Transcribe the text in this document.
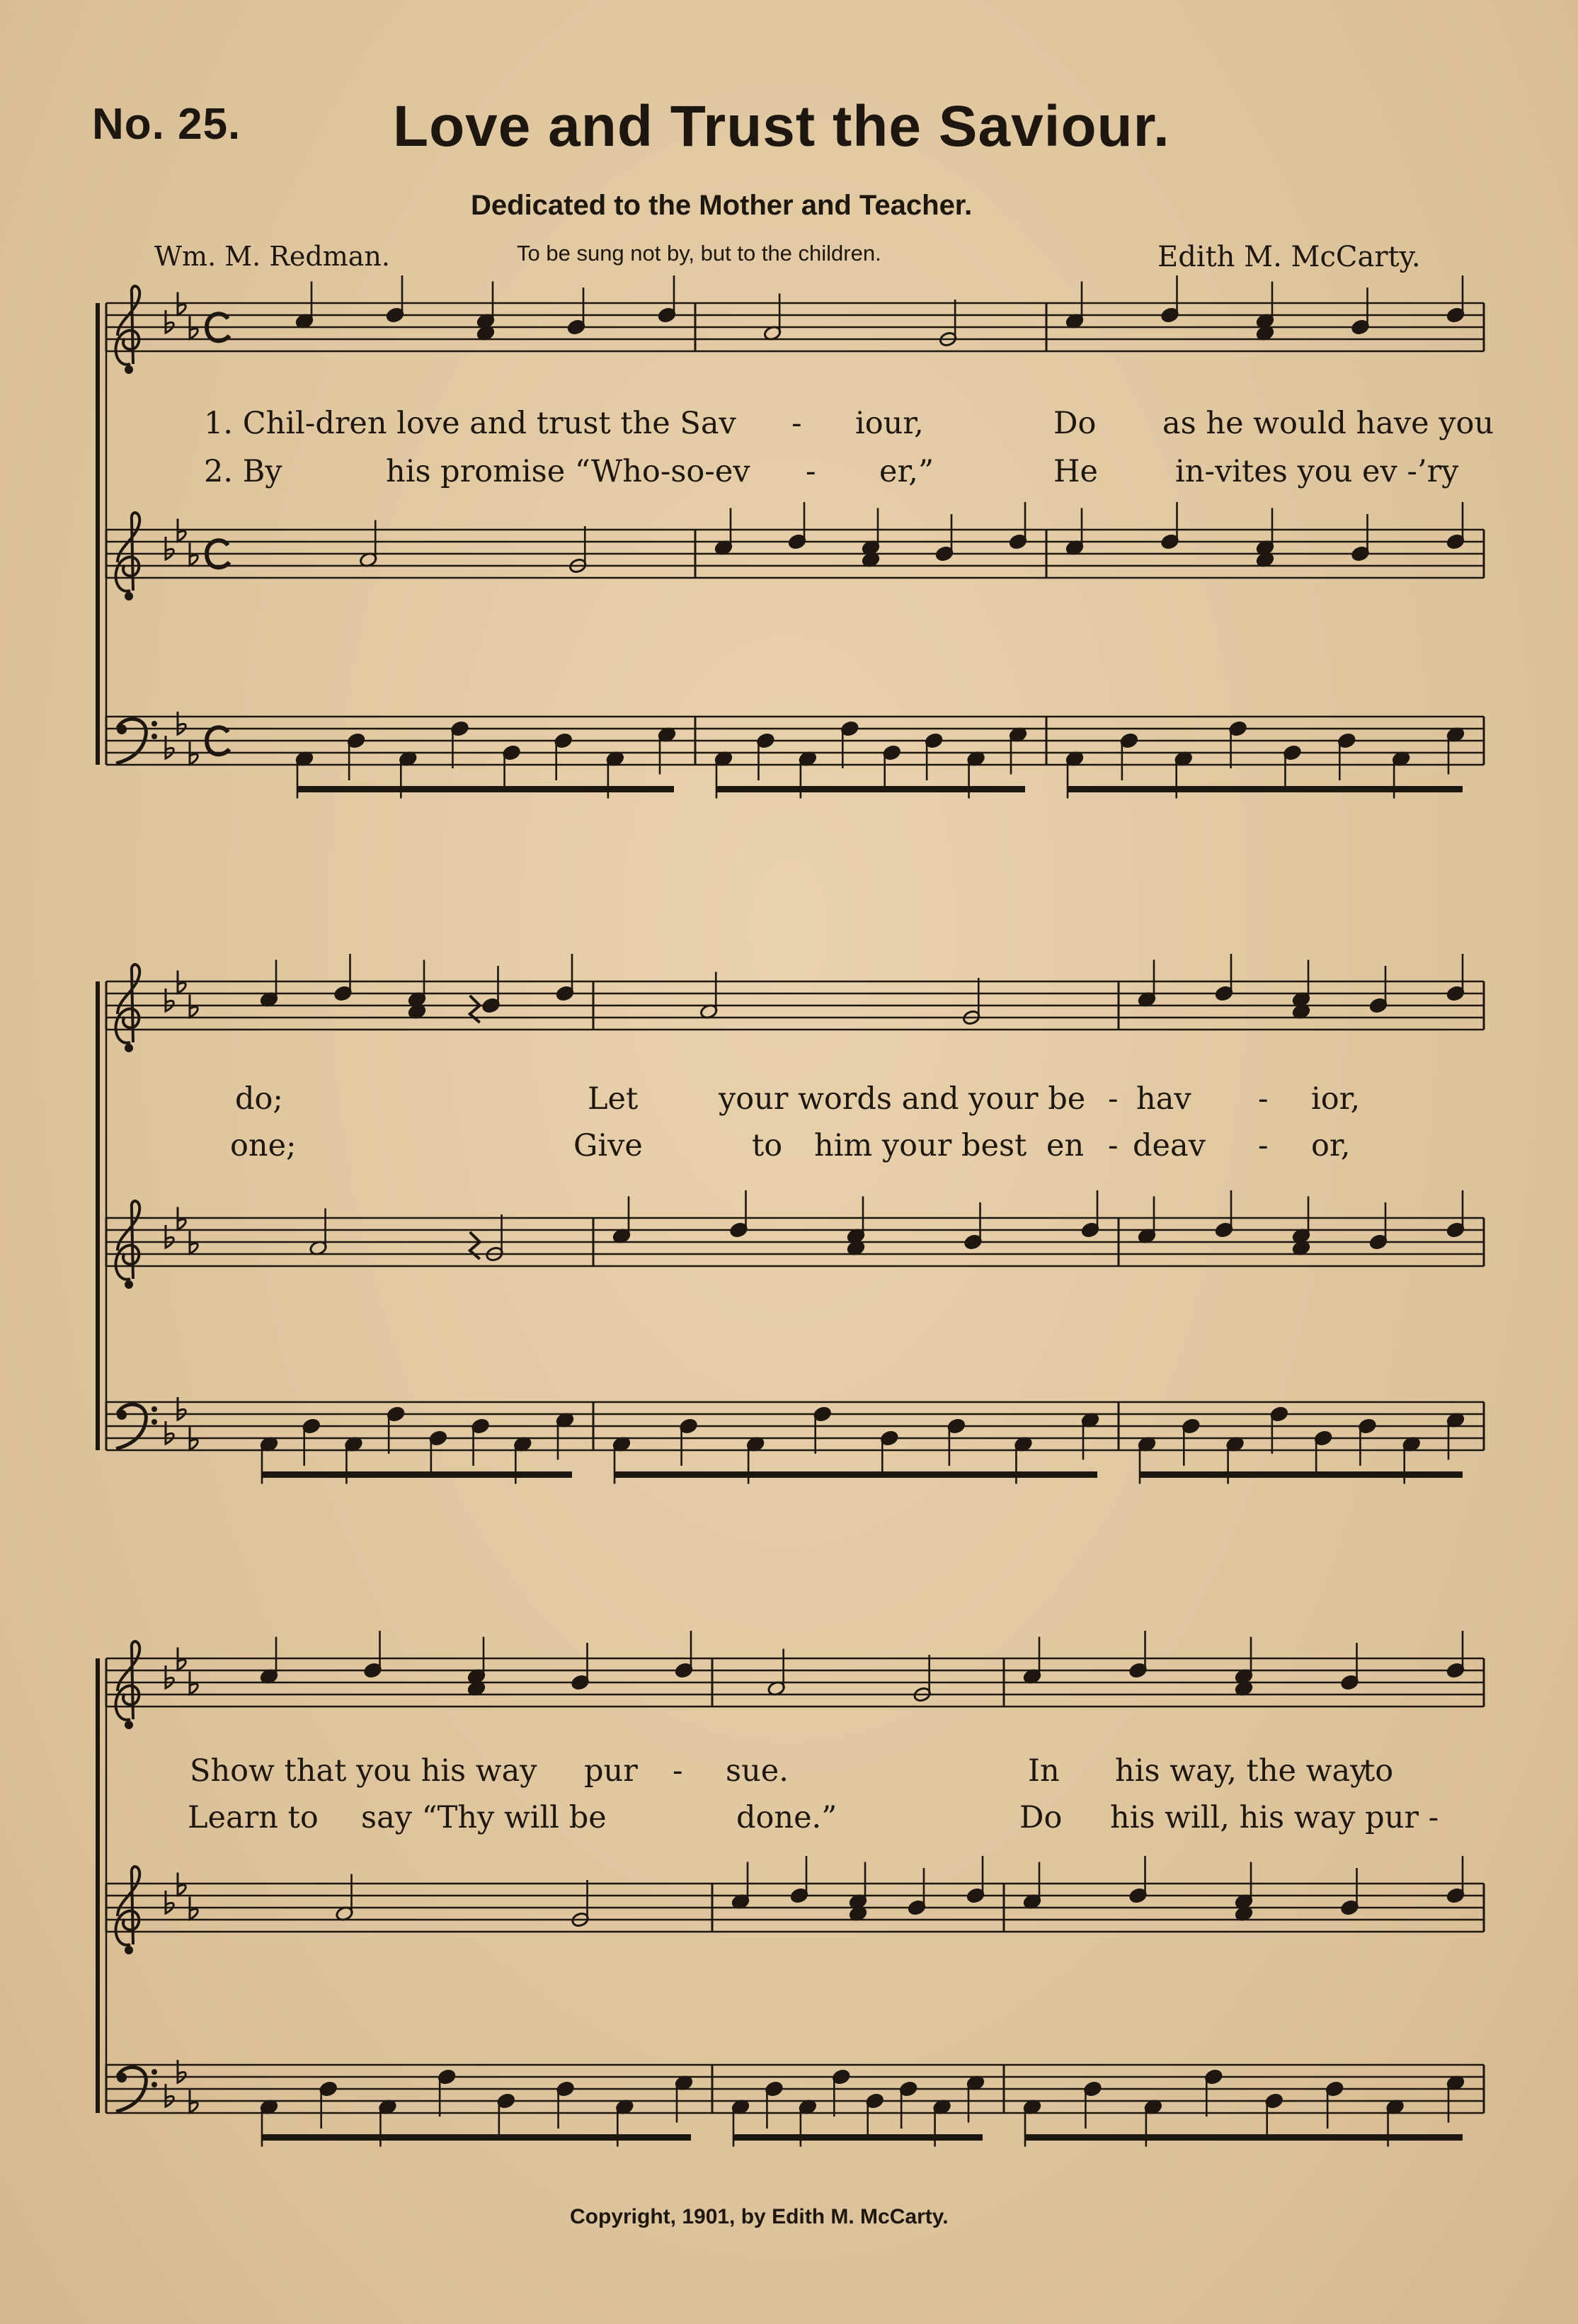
No. 25.	Love and Trust the Saviour.
Dedicated to the Mother and Teacher.
Wm. M. Redman.	To be sung not by, but to the children.	Edith M. McCarty.
1. Chil-dren love and trust the Sav - iour,	Do as he would have you
2. By	his promise “Who-so-ev - er,”	He	in-vites you ev -’ry
do;	Let	your words and your be - hav - ior,
one;	Give	to him your best en - deav - or,
Show that you his way pur - sue.	In his way, the way
to
Learn to say “Thy will be	done.”	Do his will, his way pur -
Copyright, 1901, by Edith M. McCarty.
